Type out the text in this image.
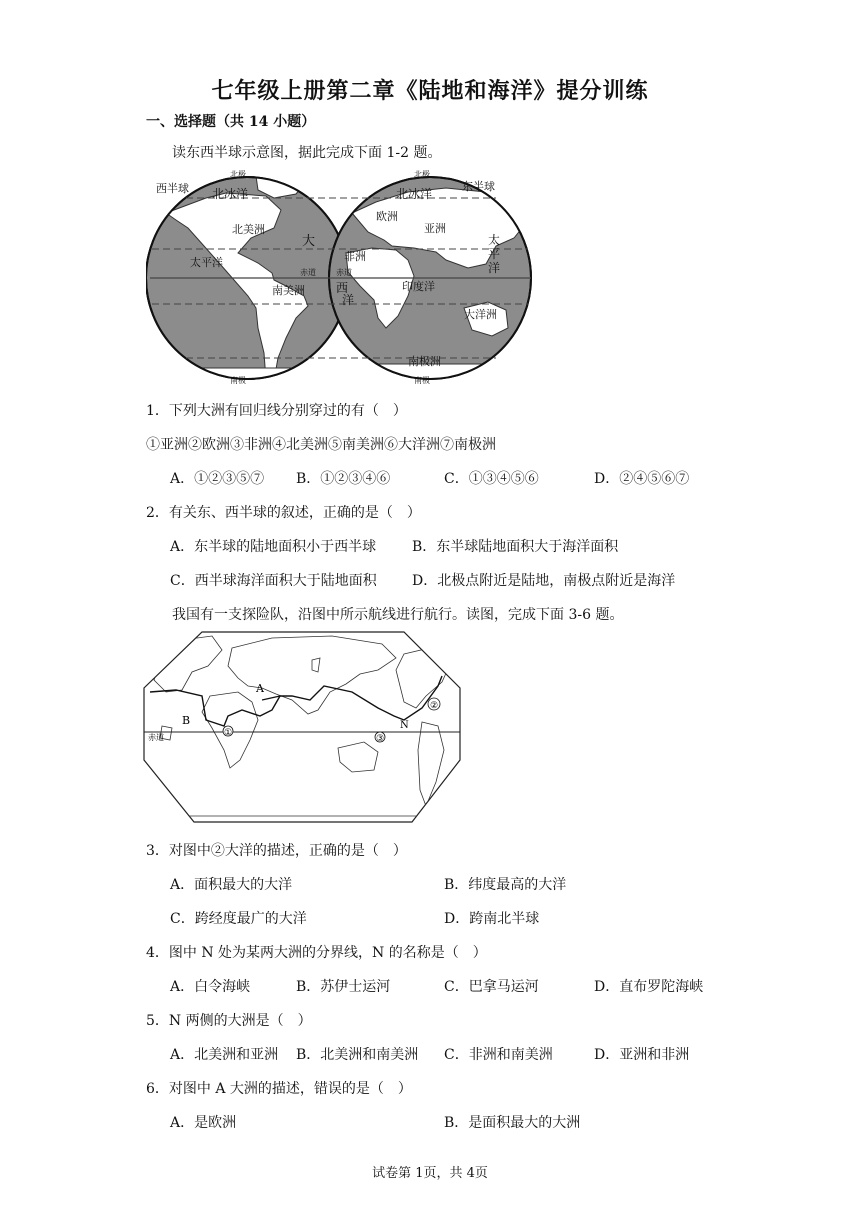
七年级上册第二章《陆地和海洋》提分训练
一、选择题（共 14 小题）
读东西半球示意图，据此完成下面 1-2 题。
西半球	东半球
北极	北极
南极	南极
北冰洋	北冰洋
北美洲
南美洲
太平洋
大
赤道	赤道
西
洋
欧洲
亚洲
非洲
印度洋
大洋洲
南极洲
太
平
洋
1．下列大洲有回归线分别穿过的有（　）
①亚洲②欧洲③非洲④北美洲⑤南美洲⑥大洋洲⑦南极洲
A．①②③⑤⑦ B．①②③④⑥	C．①③④⑤⑥	D．②④⑤⑥⑦
2．有关东、西半球的叙述，正确的是（　）
A．东半球的陆地面积小于西半球	B．东半球陆地面积大于海洋面积
C．西半球海洋面积大于陆地面积	D．北极点附近是陆地，南极点附近是海洋
我国有一支探险队，沿图中所示航线进行航行。读图，完成下面 3-6 题。
①
②
③
A
B	N
赤道
3．对图中②大洋的描述，正确的是（　）
A．面积最大的大洋	B．纬度最高的大洋
C．跨经度最广的大洋	D．跨南北半球
4．图中 N 处为某两大洲的分界线，N 的名称是（　）
A．白令海峡	B．苏伊士运河	C．巴拿马运河	D．直布罗陀海峡
5．N 两侧的大洲是（　）
A．北美洲和亚洲 B．北美洲和南美洲 C．非洲和南美洲	D．亚洲和非洲
6．对图中 A 大洲的描述，错误的是（　）
A．是欧洲	B．是面积最大的大洲
试卷第 1页，共 4页
